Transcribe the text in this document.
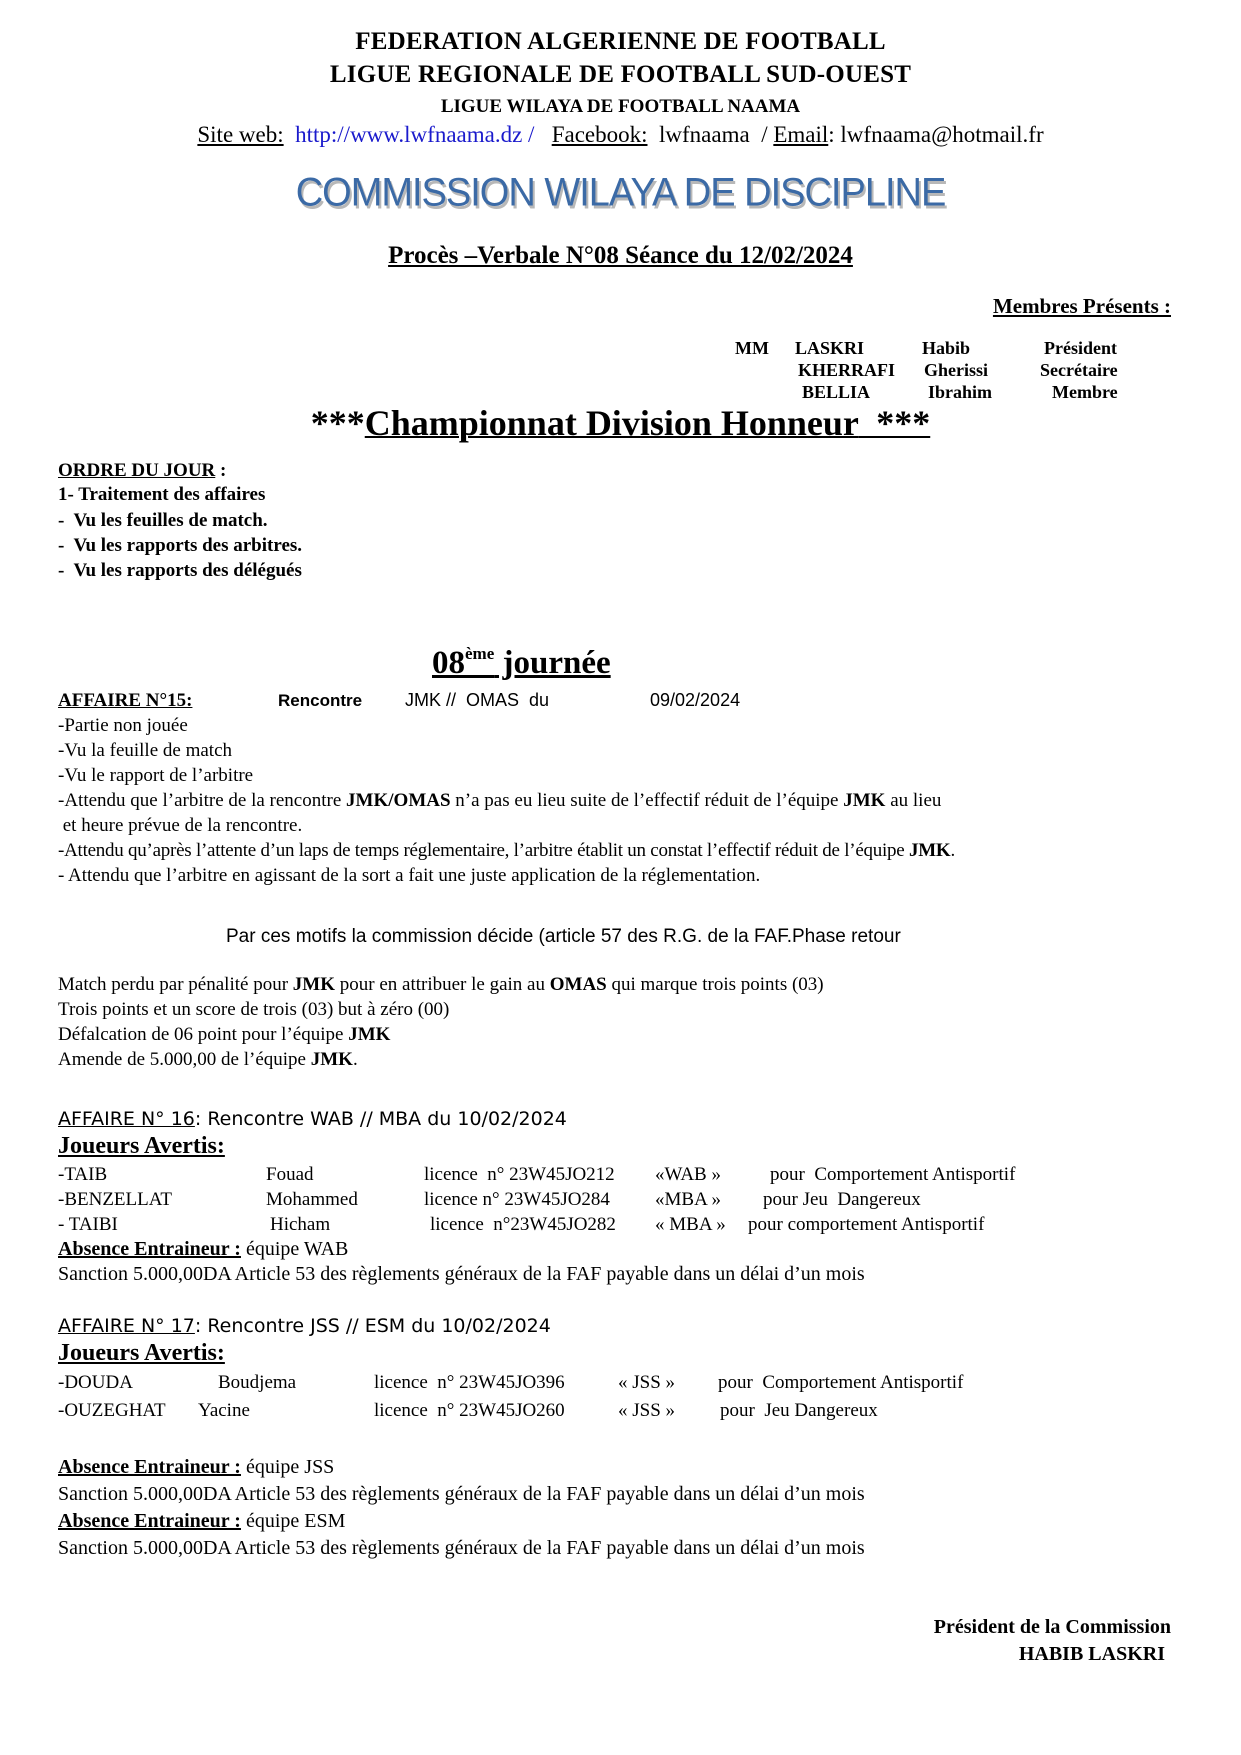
FEDERATION ALGERIENNE DE FOOTBALL
LIGUE REGIONALE DE FOOTBALL SUD-OUEST
LIGUE WILAYA DE FOOTBALL NAAMA
Site web: http://www.lwfnaama.dz / Facebook: lwfnaama / Email: lwfnaama@hotmail.fr
COMMISSION WILAYA DE DISCIPLINE
Procès –Verbale N°08 Séance du 12/02/2024
Membres Présents :
MM LASKRI	Habib	Président
KHERRAFI Gherissi	Secrétaire
BELLIA	Ibrahim	Membre
***Championnat Division Honneur  ***
ORDRE DU JOUR :
1- Traitement des affaires
-  Vu les feuilles de match.
-  Vu les rapports des arbitres.
-  Vu les rapports des délégués
08ème journée
AFFAIRE N°15:	Rencontre JMK //  OMAS  du	09/02/2024
-Partie non jouée
-Vu la feuille de match
-Vu le rapport de l’arbitre
-Attendu que l’arbitre de la rencontre JMK/OMAS n’a pas eu lieu suite de l’effectif réduit de l’équipe JMK au lieu
et heure prévue de la rencontre.
-Attendu qu’après l’attente d’un laps de temps réglementaire, l’arbitre établit un constat l’effectif réduit de l’équipe JMK.
- Attendu que l’arbitre en agissant de la sort a fait une juste application de la réglementation.
Par ces motifs la commission décide (article 57 des R.G. de la FAF.Phase retour
Match perdu par pénalité pour JMK pour en attribuer le gain au OMAS qui marque trois points (03)
Trois points et un score de trois (03) but à zéro (00)
Défalcation de 06 point pour l’équipe JMK
Amende de 5.000,00 de l’équipe JMK.
AFFAIRE N° 16: Rencontre WAB // MBA du 10/02/2024
Joueurs Avertis:
-TAIB	Fouad	licence  n° 23W45JO212 «WAB »	pour  Comportement Antisportif
-BENZELLAT	Mohammed	licence n° 23W45JO284 «MBA » pour Jeu  Dangereux
- TAIBI	Hicham	licence  n°23W45JO282 « MBA » pour comportement Antisportif
Absence Entraineur : équipe WAB
Sanction 5.000,00DA Article 53 des règlements généraux de la FAF payable dans un délai d’un mois
AFFAIRE N° 17: Rencontre JSS // ESM du 10/02/2024
Joueurs Avertis:
-DOUDA	Boudjema	licence  n° 23W45JO396	« JSS » pour  Comportement Antisportif
-OUZEGHAT Yacine	licence  n° 23W45JO260	« JSS » pour  Jeu Dangereux
Absence Entraineur : équipe JSS
Sanction 5.000,00DA Article 53 des règlements généraux de la FAF payable dans un délai d’un mois
Absence Entraineur : équipe ESM
Sanction 5.000,00DA Article 53 des règlements généraux de la FAF payable dans un délai d’un mois
Président de la Commission
HABIB LASKRI
